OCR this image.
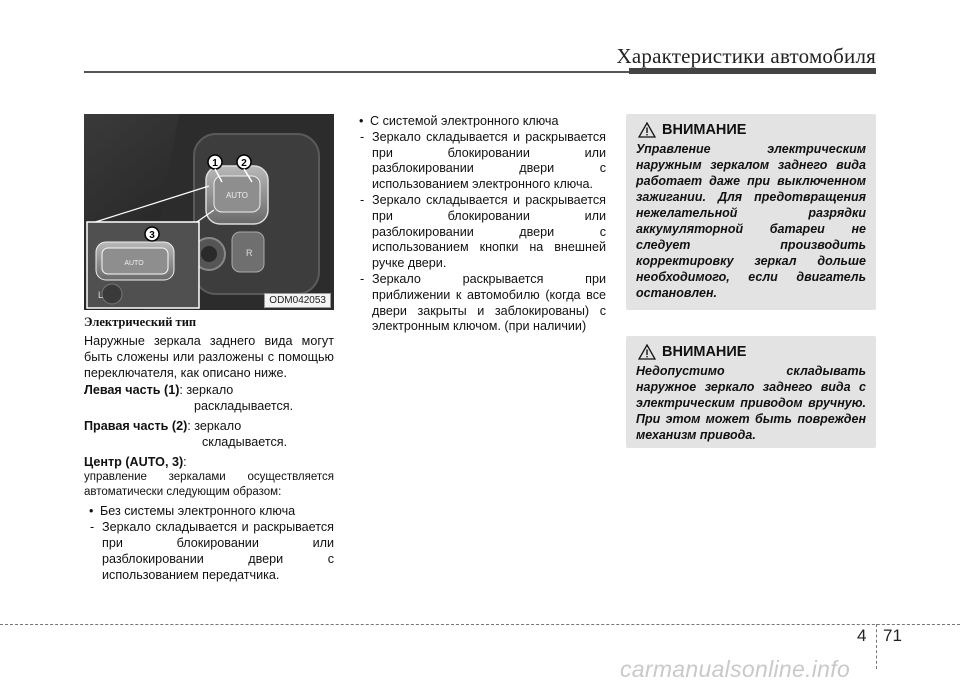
Характеристики автомобиля
AUTO
R
1 2
AUTO
L
3
ODM042053
Электрический тип

Наружные зеркала заднего вида могут быть сложены или разложены с помощью переключателя, как описано ниже.

Левая часть (1): зеркало
раскладывается.
Правая часть (2): зеркало
складывается.
Центр (AUTO, 3):

управление зеркалами осуществляется автоматически следующим образом:

• Без системы электронного ключа
- Зеркало складывается и раскрывается при блокировании или разблокировании двери с использованием передатчика.
• С системой электронного ключа
- Зеркало складывается и раскрывается при блокировании или разблокировании двери с использованием электронного ключа.
- Зеркало складывается и раскрывается при блокировании или разблокировании двери с использованием кнопки на внешней ручке двери.
- Зеркало раскрывается при приближении к автомобилю (когда все двери закрыты и заблокированы) с электронным ключом. (при наличии)
ВНИМАНИЕ
Управление электрическим наружным зеркалом заднего вида работает даже при выключенном зажигании. Для предотвращения нежелательной разрядки аккумуляторной батареи не следует производить корректировку зеркал дольше необходимого, если двигатель остановлен.
ВНИМАНИЕ
Недопустимо складывать наружное зеркало заднего вида с электрическим приводом вручную. При этом может быть поврежден механизм привода.
4 71
carmanualsonline.info
